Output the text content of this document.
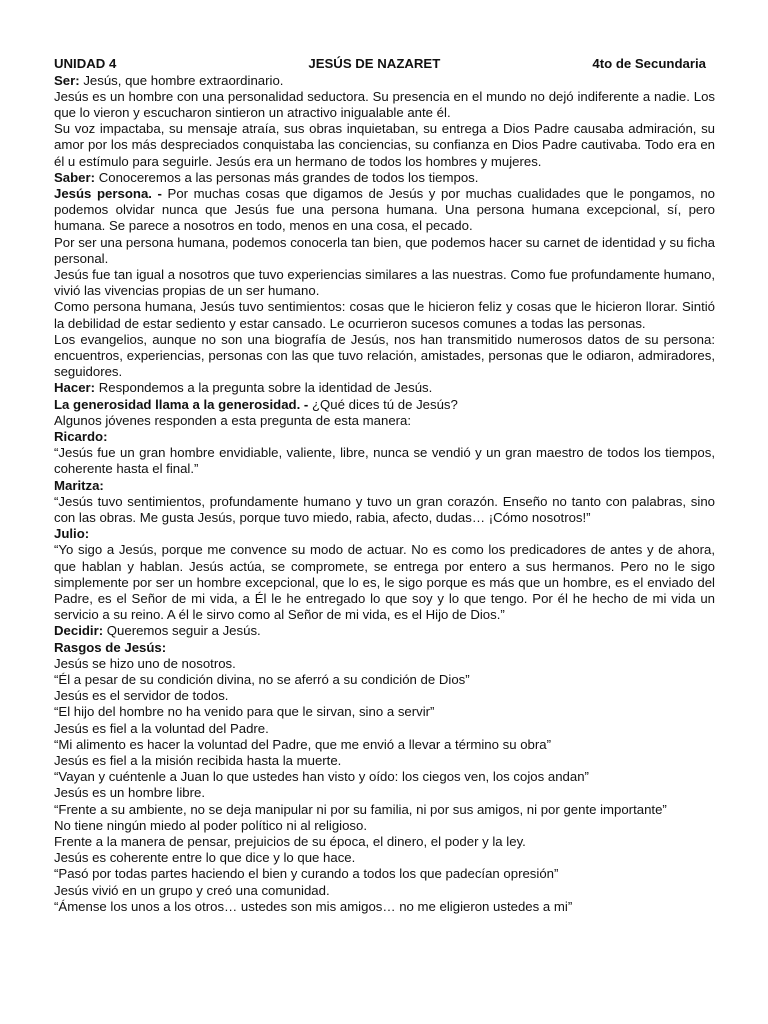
UNIDAD 4	JESÚS DE NAZARET	4to de Secundaria

Ser: Jesús, que hombre extraordinario.

Jesús es un hombre con una personalidad seductora. Su presencia en el mundo no dejó indiferente a nadie. Los que lo vieron y escucharon sintieron un atractivo inigualable ante él.

Su voz impactaba, su mensaje atraía, sus obras inquietaban, su entrega a Dios Padre causaba admiración, su amor por los más despreciados conquistaba las conciencias, su confianza en Dios Padre cautivaba. Todo era en él u estímulo para seguirle. Jesús era un hermano de todos los hombres y mujeres.

Saber: Conoceremos a las personas más grandes de todos los tiempos.

Jesús persona. - Por muchas cosas que digamos de Jesús y por muchas cualidades que le pongamos, no podemos olvidar nunca que Jesús fue una persona humana. Una persona humana excepcional, sí, pero humana. Se parece a nosotros en todo, menos en una cosa, el pecado.

Por ser una persona humana, podemos conocerla tan bien, que podemos hacer su carnet de identidad y su ficha personal.

Jesús fue tan igual a nosotros que tuvo experiencias similares a las nuestras. Como fue profundamente humano, vivió las vivencias propias de un ser humano.

Como persona humana, Jesús tuvo sentimientos: cosas que le hicieron feliz y cosas que le hicieron llorar. Sintió la debilidad de estar sediento y estar cansado. Le ocurrieron sucesos comunes a todas las personas.

Los evangelios, aunque no son una biografía de Jesús, nos han transmitido numerosos datos de su persona: encuentros, experiencias, personas con las que tuvo relación, amistades, personas que le odiaron, admiradores, seguidores.

Hacer: Respondemos a la pregunta sobre la identidad de Jesús.

La generosidad llama a la generosidad. - ¿Qué dices tú de Jesús?

Algunos jóvenes responden a esta pregunta de esta manera:

Ricardo:

“Jesús fue un gran hombre envidiable, valiente, libre, nunca se vendió y un gran maestro de todos los tiempos, coherente hasta el final.”

Maritza:

“Jesús tuvo sentimientos, profundamente humano y tuvo un gran corazón. Enseño no tanto con palabras, sino con las obras. Me gusta Jesús, porque tuvo miedo, rabia, afecto, dudas… ¡Cómo nosotros!”

Julio:

“Yo sigo a Jesús, porque me convence su modo de actuar. No es como los predicadores de antes y de ahora, que hablan y hablan. Jesús actúa, se compromete, se entrega por entero a sus hermanos. Pero no le sigo simplemente por ser un hombre excepcional, que lo es, le sigo porque es más que un hombre, es el enviado del Padre, es el Señor de mi vida, a Él le he entregado lo que soy y lo que tengo. Por él he hecho de mi vida un servicio a su reino. A él le sirvo como al Señor de mi vida, es el Hijo de Dios.”

Decidir: Queremos seguir a Jesús.

Rasgos de Jesús:

Jesús se hizo uno de nosotros.

“Él a pesar de su condición divina, no se aferró a su condición de Dios”

Jesús es el servidor de todos.

“El hijo del hombre no ha venido para que le sirvan, sino a servir”

Jesús es fiel a la voluntad del Padre.

“Mi alimento es hacer la voluntad del Padre, que me envió a llevar a término su obra”

Jesús es fiel a la misión recibida hasta la muerte.

“Vayan y cuéntenle a Juan lo que ustedes han visto y oído: los ciegos ven, los cojos andan”

Jesús es un hombre libre.

“Frente a su ambiente, no se deja manipular ni por su familia, ni por sus amigos, ni por gente importante”

No tiene ningún miedo al poder político ni al religioso.

Frente a la manera de pensar, prejuicios de su época, el dinero, el poder y la ley.

Jesús es coherente entre lo que dice y lo que hace.

“Pasó por todas partes haciendo el bien y curando a todos los que padecían opresión”

Jesús vivió en un grupo y creó una comunidad.

“Ámense los unos a los otros… ustedes son mis amigos… no me eligieron ustedes a mi”
